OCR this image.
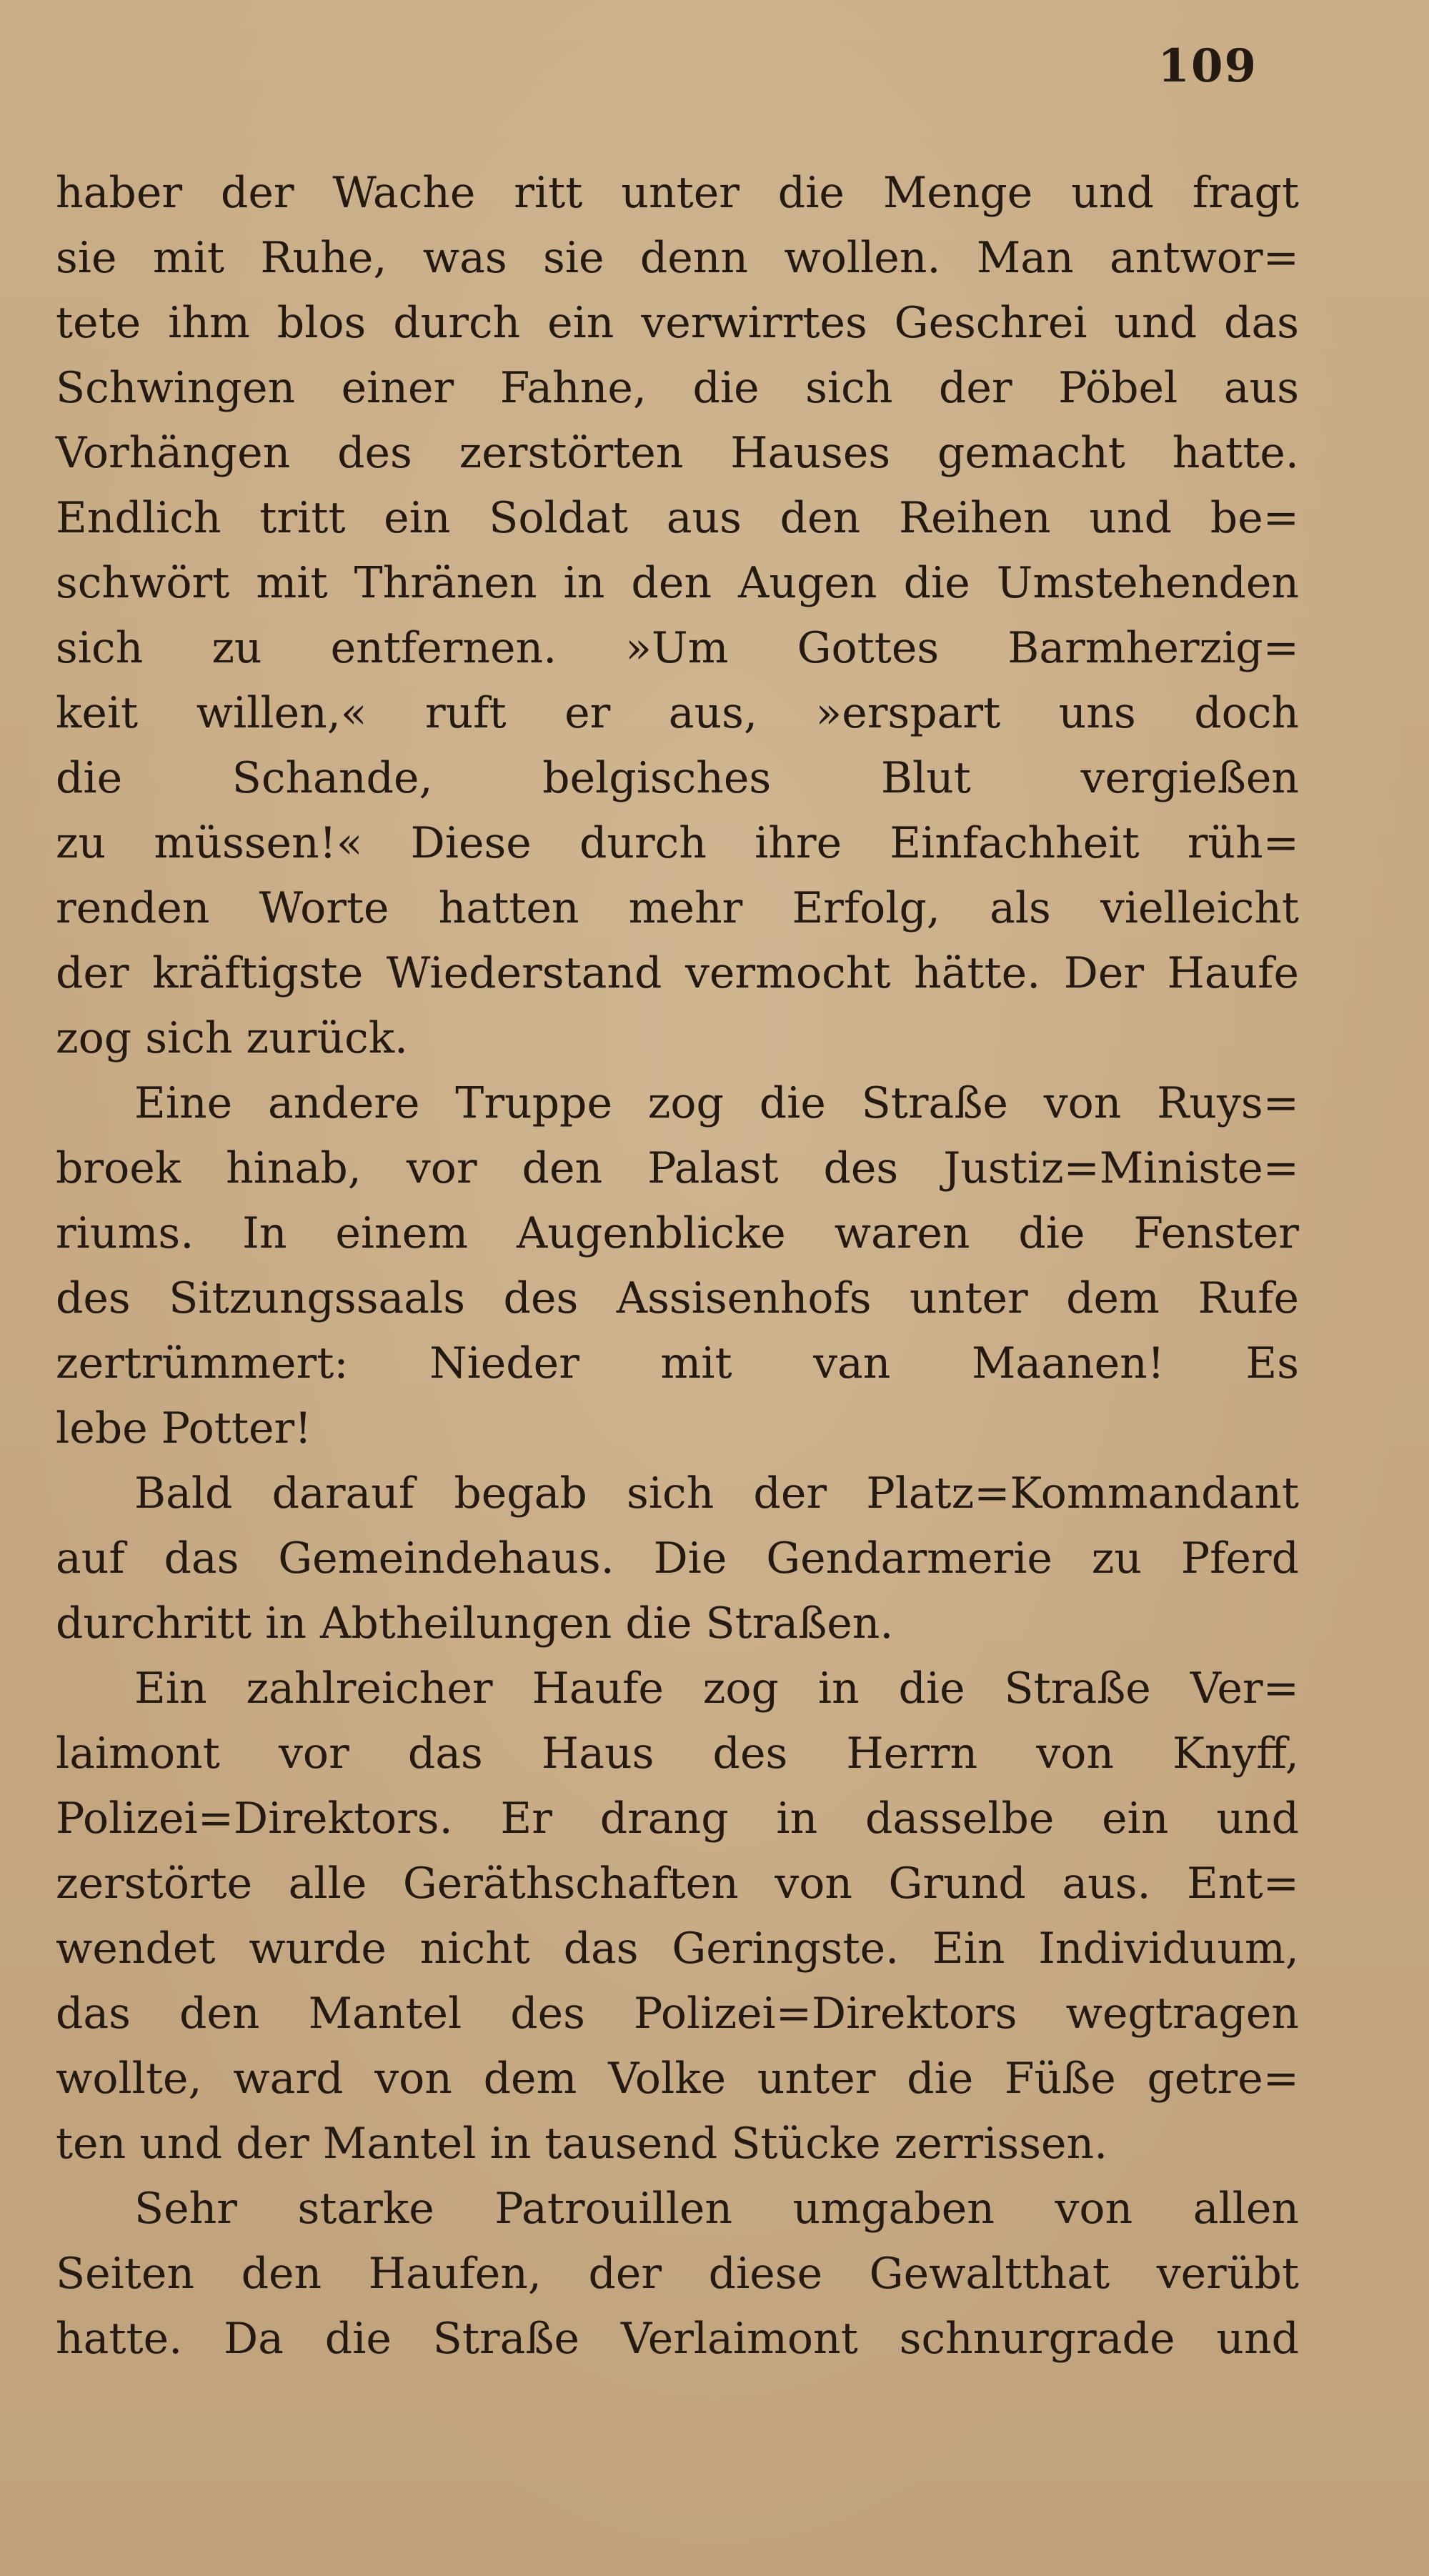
109
haber der Wache ritt unter die Menge und fragt
sie mit Ruhe, was sie denn wollen. Man antwor=
tete ihm blos durch ein verwirrtes Geschrei und das
Schwingen einer Fahne, die sich der Pöbel aus
Vorhängen des zerstörten Hauses gemacht hatte.
Endlich tritt ein Soldat aus den Reihen und be=
schwört mit Thränen in den Augen die Umstehenden
sich zu entfernen. »Um Gottes Barmherzig=
keit willen,« ruft er aus, »erspart uns doch
die Schande, belgisches Blut vergießen
zu müssen!« Diese durch ihre Einfachheit rüh=
renden Worte hatten mehr Erfolg, als vielleicht
der kräftigste Wiederstand vermocht hätte. Der Haufe
zog sich zurück.
Eine andere Truppe zog die Straße von Ruys=
broek hinab, vor den Palast des Justiz=Ministe=
riums. In einem Augenblicke waren die Fenster
des Sitzungssaals des Assisenhofs unter dem Rufe
zertrümmert: Nieder mit van Maanen! Es
lebe Potter!
Bald darauf begab sich der Platz=Kommandant
auf das Gemeindehaus. Die Gendarmerie zu Pferd
durchritt in Abtheilungen die Straßen.
Ein zahlreicher Haufe zog in die Straße Ver=
laimont vor das Haus des Herrn von Knyff,
Polizei=Direktors. Er drang in dasselbe ein und
zerstörte alle Geräthschaften von Grund aus. Ent=
wendet wurde nicht das Geringste. Ein Individuum,
das den Mantel des Polizei=Direktors wegtragen
wollte, ward von dem Volke unter die Füße getre=
ten und der Mantel in tausend Stücke zerrissen.
Sehr starke Patrouillen umgaben von allen
Seiten den Haufen, der diese Gewaltthat verübt
hatte. Da die Straße Verlaimont schnurgrade und
